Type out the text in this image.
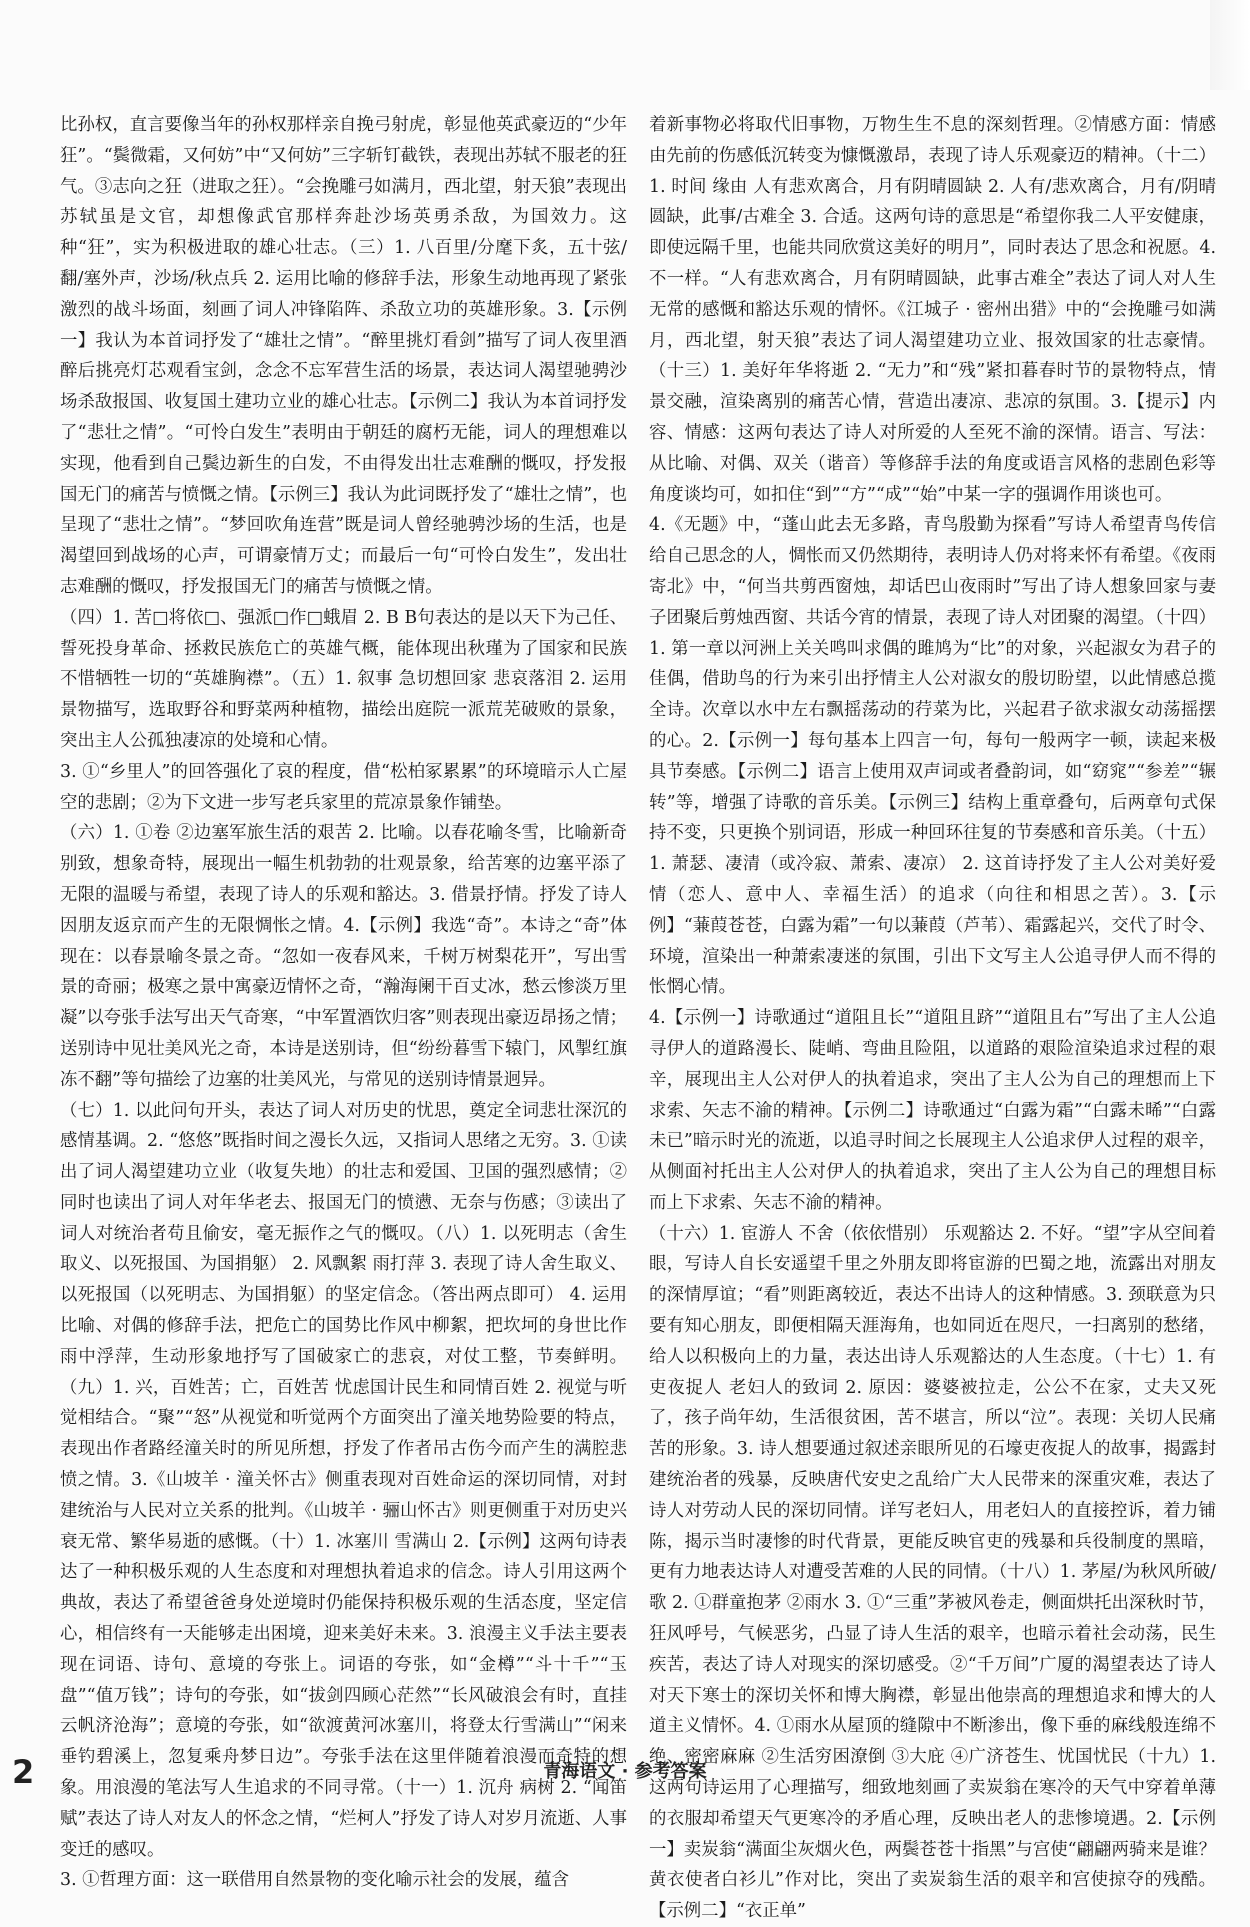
比孙权，直言要像当年的孙权那样亲自挽弓射虎，彰显他英武豪迈的“少年狂”。“鬓微霜，又何妨”中“又何妨”三字斩钉截铁，表现出苏轼不服老的狂气。③志向之狂（进取之狂）。“会挽雕弓如满月，西北望，射天狼”表现出苏轼虽是文官，却想像武官那样奔赴沙场英勇杀敌，为国效力。这种“狂”，实为积极进取的雄心壮志。（三）1. 八百里/分麾下炙，五十弦/翻/塞外声，沙场/秋点兵 2. 运用比喻的修辞手法，形象生动地再现了紧张激烈的战斗场面，刻画了词人冲锋陷阵、杀敌立功的英雄形象。3.【示例一】我认为本首词抒发了“雄壮之情”。“醉里挑灯看剑”描写了词人夜里酒醉后挑亮灯芯观看宝剑，念念不忘军营生活的场景，表达词人渴望驰骋沙场杀敌报国、收复国土建功立业的雄心壮志。【示例二】我认为本首词抒发了“悲壮之情”。“可怜白发生”表明由于朝廷的腐朽无能，词人的理想难以实现，他看到自己鬓边新生的白发，不由得发出壮志难酬的慨叹，抒发报国无门的痛苦与愤慨之情。【示例三】我认为此词既抒发了“雄壮之情”，也呈现了“悲壮之情”。“梦回吹角连营”既是词人曾经驰骋沙场的生活，也是渴望回到战场的心声，可谓豪情万丈；而最后一句“可怜白发生”，发出壮志难酬的慨叹，抒发报国无门的痛苦与愤慨之情。

（四）1. 苦□将依□、强派□作□蛾眉 2. B B句表达的是以天下为己任、誓死投身革命、拯救民族危亡的英雄气概，能体现出秋瑾为了国家和民族不惜牺牲一切的“英雄胸襟”。（五）1. 叙事 急切想回家 悲哀落泪 2. 运用景物描写，选取野谷和野菜两种植物，描绘出庭院一派荒芜破败的景象，突出主人公孤独凄凉的处境和心情。

3. ①“乡里人”的回答强化了哀的程度，借“松柏冢累累”的环境暗示人亡屋空的悲剧；②为下文进一步写老兵家里的荒凉景象作铺垫。

（六）1. ①卷 ②边塞军旅生活的艰苦 2. 比喻。以春花喻冬雪，比喻新奇别致，想象奇特，展现出一幅生机勃勃的壮观景象，给苦寒的边塞平添了无限的温暖与希望，表现了诗人的乐观和豁达。3. 借景抒情。抒发了诗人因朋友返京而产生的无限惆怅之情。4.【示例】我选“奇”。本诗之“奇”体现在：以春景喻冬景之奇。“忽如一夜春风来，千树万树梨花开”，写出雪景的奇丽；极寒之景中寓豪迈情怀之奇，“瀚海阑干百丈冰，愁云惨淡万里凝”以夸张手法写出天气奇寒，“中军置酒饮归客”则表现出豪迈昂扬之情；送别诗中见壮美风光之奇，本诗是送别诗，但“纷纷暮雪下辕门，风掣红旗冻不翻”等句描绘了边塞的壮美风光，与常见的送别诗情景迥异。

（七）1. 以此问句开头，表达了词人对历史的忧思，奠定全词悲壮深沉的感情基调。2. “悠悠”既指时间之漫长久远，又指词人思绪之无穷。3. ①读出了词人渴望建功立业（收复失地）的壮志和爱国、卫国的强烈感情；②同时也读出了词人对年华老去、报国无门的愤懑、无奈与伤感；③读出了词人对统治者苟且偷安，毫无振作之气的慨叹。（八）1. 以死明志（舍生取义、以死报国、为国捐躯） 2. 风飘絮 雨打萍 3. 表现了诗人舍生取义、以死报国（以死明志、为国捐躯）的坚定信念。（答出两点即可） 4. 运用比喻、对偶的修辞手法，把危亡的国势比作风中柳絮，把坎坷的身世比作雨中浮萍，生动形象地抒写了国破家亡的悲哀，对仗工整，节奏鲜明。（九）1. 兴，百姓苦；亡，百姓苦 忧虑国计民生和同情百姓 2. 视觉与听觉相结合。“聚”“怒”从视觉和听觉两个方面突出了潼关地势险要的特点，表现出作者路经潼关时的所见所想，抒发了作者吊古伤今而产生的满腔悲愤之情。3.《山坡羊 · 潼关怀古》侧重表现对百姓命运的深切同情，对封建统治与人民对立关系的批判。《山坡羊 · 骊山怀古》则更侧重于对历史兴衰无常、繁华易逝的感慨。（十）1. 冰塞川 雪满山 2.【示例】这两句诗表达了一种积极乐观的人生态度和对理想执着追求的信念。诗人引用这两个典故，表达了希望爸爸身处逆境时仍能保持积极乐观的生活态度，坚定信心，相信终有一天能够走出困境，迎来美好未来。3. 浪漫主义手法主要表现在词语、诗句、意境的夸张上。词语的夸张，如“金樽”“斗十千”“玉盘”“值万钱”；诗句的夸张，如“拔剑四顾心茫然”“长风破浪会有时，直挂云帆济沧海”；意境的夸张，如“欲渡黄河冰塞川，将登太行雪满山”“闲来垂钓碧溪上，忽复乘舟梦日边”。夸张手法在这里伴随着浪漫而奇特的想象。用浪漫的笔法写人生追求的不同寻常。（十一）1. 沉舟 病树 2. “闻笛赋”表达了诗人对友人的怀念之情，“烂柯人”抒发了诗人对岁月流逝、人事变迁的感叹。

3. ①哲理方面：这一联借用自然景物的变化喻示社会的发展，蕴含

着新事物必将取代旧事物，万物生生不息的深刻哲理。②情感方面：情感由先前的伤感低沉转变为慷慨激昂，表现了诗人乐观豪迈的精神。（十二）1. 时间 缘由 人有悲欢离合，月有阴晴圆缺 2. 人有/悲欢离合，月有/阴晴圆缺，此事/古难全 3. 合适。这两句诗的意思是“希望你我二人平安健康，即使远隔千里，也能共同欣赏这美好的明月”，同时表达了思念和祝愿。4. 不一样。“人有悲欢离合，月有阴晴圆缺，此事古难全”表达了词人对人生无常的感慨和豁达乐观的情怀。《江城子 · 密州出猎》中的“会挽雕弓如满月，西北望，射天狼”表达了词人渴望建功立业、报效国家的壮志豪情。（十三）1. 美好年华将逝 2. “无力”和“残”紧扣暮春时节的景物特点，情景交融，渲染离别的痛苦心情，营造出凄凉、悲凉的氛围。3.【提示】内容、情感：这两句表达了诗人对所爱的人至死不渝的深情。语言、写法：从比喻、对偶、双关（谐音）等修辞手法的角度或语言风格的悲剧色彩等角度谈均可，如扣住“到”“方”“成”“始”中某一字的强调作用谈也可。

4.《无题》中，“蓬山此去无多路，青鸟殷勤为探看”写诗人希望青鸟传信给自己思念的人，惆怅而又仍然期待，表明诗人仍对将来怀有希望。《夜雨寄北》中，“何当共剪西窗烛，却话巴山夜雨时”写出了诗人想象回家与妻子团聚后剪烛西窗、共话今宵的情景，表现了诗人对团聚的渴望。（十四）1. 第一章以河洲上关关鸣叫求偶的雎鸠为“比”的对象，兴起淑女为君子的佳偶，借助鸟的行为来引出抒情主人公对淑女的殷切盼望，以此情感总揽全诗。次章以水中左右飘摇荡动的荇菜为比，兴起君子欲求淑女动荡摇摆的心。2.【示例一】每句基本上四言一句，每句一般两字一顿，读起来极具节奏感。【示例二】语言上使用双声词或者叠韵词，如“窈窕”“参差”“辗转”等，增强了诗歌的音乐美。【示例三】结构上重章叠句，后两章句式保持不变，只更换个别词语，形成一种回环往复的节奏感和音乐美。（十五）1. 萧瑟、凄清（或冷寂、萧索、凄凉） 2. 这首诗抒发了主人公对美好爱情（恋人、意中人、幸福生活）的追求（向往和相思之苦）。3.【示例】“蒹葭苍苍，白露为霜”一句以蒹葭（芦苇）、霜露起兴，交代了时令、环境，渲染出一种萧索凄迷的氛围，引出下文写主人公追寻伊人而不得的怅惘心情。

4.【示例一】诗歌通过“道阻且长”“道阻且跻”“道阻且右”写出了主人公追寻伊人的道路漫长、陡峭、弯曲且险阻，以道路的艰险渲染追求过程的艰辛，展现出主人公对伊人的执着追求，突出了主人公为自己的理想而上下求索、矢志不渝的精神。【示例二】诗歌通过“白露为霜”“白露未晞”“白露未已”暗示时光的流逝，以追寻时间之长展现主人公追求伊人过程的艰辛，从侧面衬托出主人公对伊人的执着追求，突出了主人公为自己的理想目标而上下求索、矢志不渝的精神。

（十六）1. 宦游人 不舍（依依惜别） 乐观豁达 2. 不好。“望”字从空间着眼，写诗人自长安遥望千里之外朋友即将宦游的巴蜀之地，流露出对朋友的深情厚谊；“看”则距离较近，表达不出诗人的这种情感。3. 颈联意为只要有知心朋友，即便相隔天涯海角，也如同近在咫尺，一扫离别的愁绪，给人以积极向上的力量，表达出诗人乐观豁达的人生态度。（十七）1. 有吏夜捉人 老妇人的致词 2. 原因：婆婆被拉走，公公不在家，丈夫又死了，孩子尚年幼，生活很贫困，苦不堪言，所以“泣”。表现：关切人民痛苦的形象。3. 诗人想要通过叙述亲眼所见的石壕吏夜捉人的故事，揭露封建统治者的残暴，反映唐代安史之乱给广大人民带来的深重灾难，表达了诗人对劳动人民的深切同情。详写老妇人，用老妇人的直接控诉，着力铺陈，揭示当时凄惨的时代背景，更能反映官吏的残暴和兵役制度的黑暗，更有力地表达诗人对遭受苦难的人民的同情。（十八）1. 茅屋/为秋风所破/歌 2. ①群童抱茅 ②雨水 3. ①“三重”茅被风卷走，侧面烘托出深秋时节，狂风呼号，气候恶劣，凸显了诗人生活的艰辛，也暗示着社会动荡，民生疾苦，表达了诗人对现实的深切感受。②“千万间”广厦的渴望表达了诗人对天下寒士的深切关怀和博大胸襟，彰显出他崇高的理想追求和博大的人道主义情怀。4. ①雨水从屋顶的缝隙中不断渗出，像下垂的麻线般连绵不绝、密密麻麻 ②生活穷困潦倒 ③大庇 ④广济苍生、忧国忧民（十九）1. 这两句诗运用了心理描写，细致地刻画了卖炭翁在寒冷的天气中穿着单薄的衣服却希望天气更寒冷的矛盾心理，反映出老人的悲惨境遇。2.【示例一】卖炭翁“满面尘灰烟火色，两鬓苍苍十指黑”与宫使“翩翩两骑来是谁？黄衣使者白衫儿”作对比，突出了卖炭翁生活的艰辛和宫使掠夺的残酷。【示例二】“衣正单”

2	青海语文 · 参考答案
